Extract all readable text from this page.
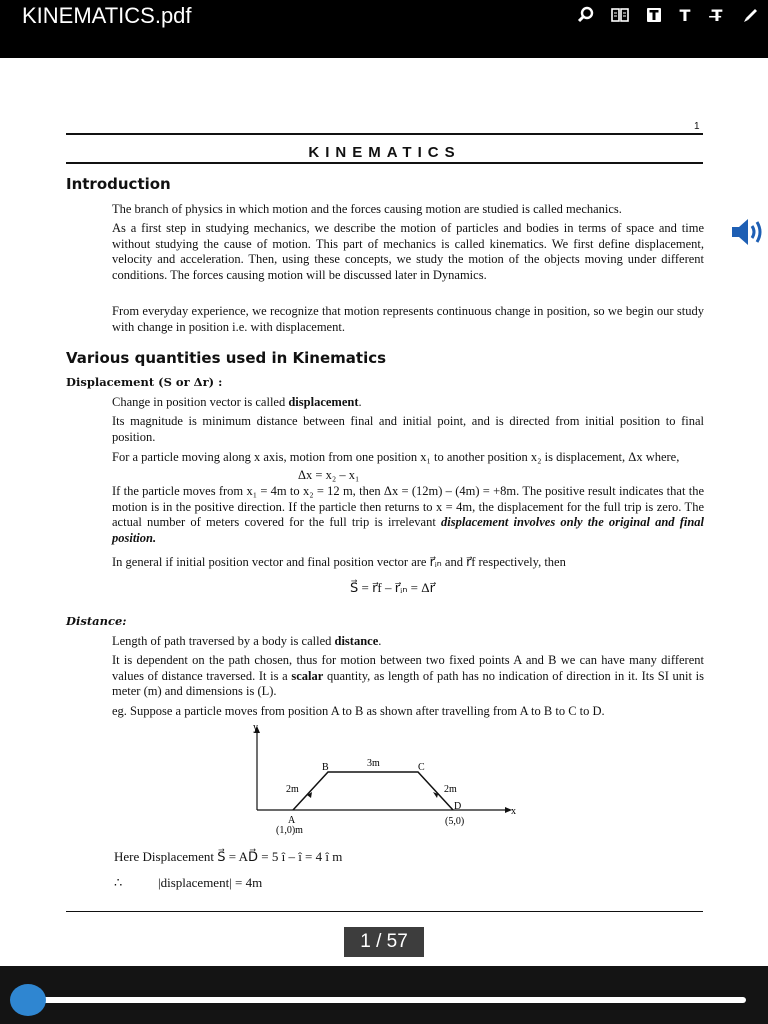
KINEMATICS.pdf	T	T̶
1
KINEMATICS
Introduction
The branch of physics in which motion and the forces causing motion are studied is called mechanics.
As a first step in studying mechanics, we describe the motion of particles and bodies in terms of space and time without studying the cause of motion. This part of mechanics is called kinematics. We first define displacement, velocity and acceleration. Then, using these concepts, we study the motion of the objects moving under different conditions. The forces causing motion will be discussed later in Dynamics.
From everyday experience, we recognize that motion represents continuous change in position, so we begin our study with change in position i.e. with displacement.
Various quantities used in Kinematics
Displacement (S or Δr) :
Change in position vector is called displacement.
Its magnitude is minimum distance between final and initial point, and is directed from initial position to final position.
For a particle moving along x axis, motion from one position x₁ to another position x₂ is displacement, Δx where,
Δx = x₂ – x₁
If the particle moves from x₁ = 4m to x₂ = 12 m, then Δx = (12m) – (4m) = +8m. The positive result indicates that the motion is in the positive direction. If the particle then returns to x = 4m, the displacement for the full trip is zero. The actual number of meters covered for the full trip is irrelevant displacement involves only the original and final position.
In general if initial position vector and final position vector are r⃗ᵢₙ and r⃗f respectively, then
S⃗ = r⃗f – r⃗ᵢₙ = Δr⃗
Distance:
Length of path traversed by a body is called distance.
It is dependent on the path chosen, thus for motion between two fixed points A and B we can have many different values of distance traversed. It is a scalar quantity, as length of path has no indication of direction in it. Its SI unit is meter (m) and dimensions is (L).
eg. Suppose a particle moves from position A to B as shown after travelling from A to B to C to D.
y
x
B	C
A
D
(1,0)m
(5,0)
2m
3m
2m
Here Displacement S⃗ = AD⃗ = 5 î – î = 4 î m
∴	|displacement| = 4m
1 / 57
